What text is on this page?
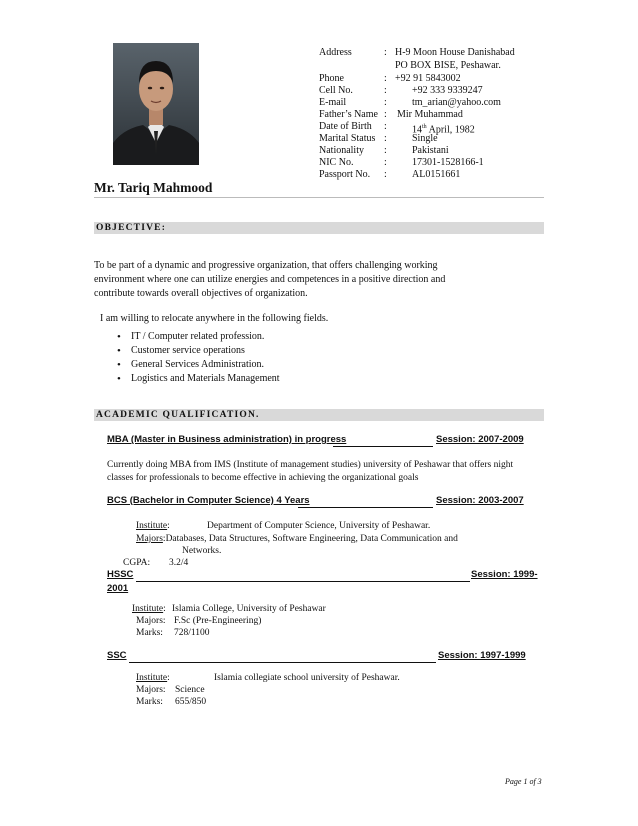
Address	: H-9 Moon House Danishabad
PO BOX BISE, Peshawar.
Phone	: +92 91 5843002
Cell No.	:	+92 333 9339247
E-mail	:	tm_arian@yahoo.com
Father’s Name : Mir Muhammad
Date of Birth :	14th April, 1982
Marital Status :	Single
Nationality :	Pakistani
NIC No.	:	17301-1528166-1
Passport No. :	AL0151661
Mr. Tariq Mahmood
OBJECTIVE:
To be part of a dynamic and progressive organization, that offers challenging working
environment where one can utilize energies and competences in a positive direction and
contribute towards overall objectives of organization.
I am willing to relocate anywhere in the following fields.
• IT / Computer related profession.
• Customer service operations
• General Services Administration.
• Logistics and Materials Management
ACADEMIC QUALIFICATION.
MBA (Master in Business administration) in progress	Session: 2007-2009
Currently doing MBA from IMS (Institute of management studies) university of Peshawar that offers night
classes for professionals to become effective in achieving the organizational goals
BCS (Bachelor in Computer Science) 4 Years	Session: 2003-2007
Institute:	Department of Computer Science, University of Peshawar.
Majors:Databases, Data Structures, Software Engineering, Data Communication and
Networks.
CGPA: 3.2/4
HSSC	Session: 1999-
2001
Institute: Islamia College, University of Peshawar
Majors: F.Sc (Pre-Engineering)
Marks: 728/1100
SSC	Session: 1997-1999
Institute:	Islamia collegiate school university of Peshawar.
Majors: Science
Marks: 655/850
Page 1 of 3
